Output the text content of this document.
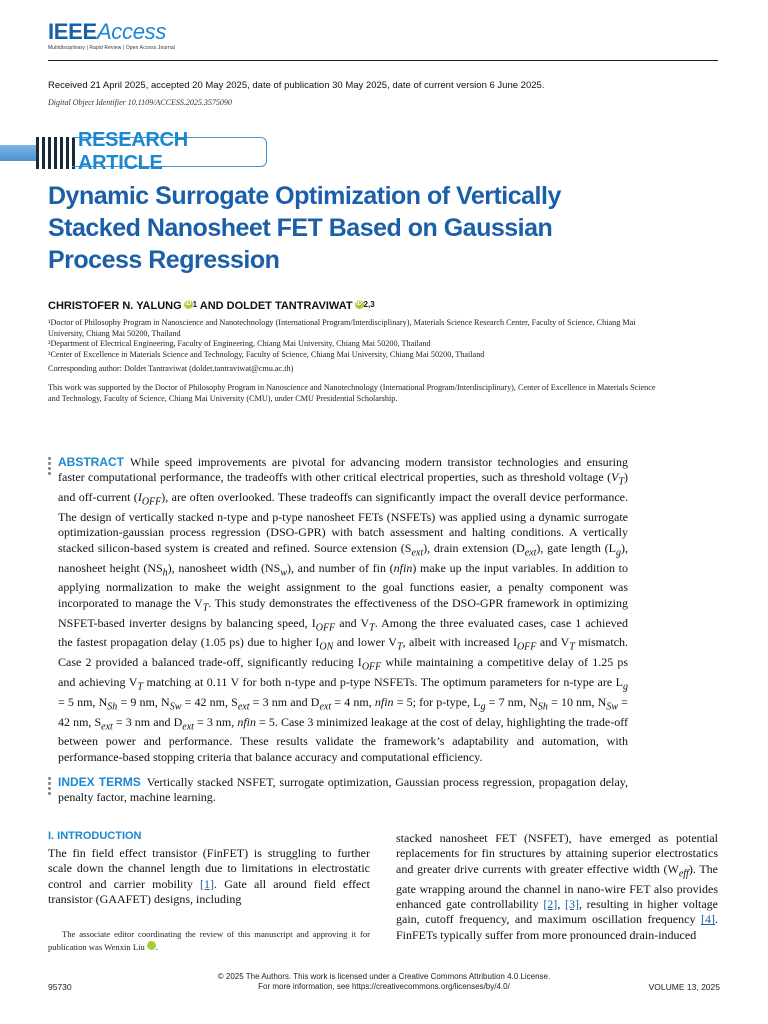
IEEEAccess
Multidisciplinary | Rapid Review | Open Access Journal
Received 21 April 2025, accepted 20 May 2025, date of publication 30 May 2025, date of current version 6 June 2025.
Digital Object Identifier 10.1109/ACCESS.2025.3575090
RESEARCH ARTICLE
Dynamic Surrogate Optimization of Vertically Stacked Nanosheet FET Based on Gaussian Process Regression
CHRISTOFER N. YALUNG iD $^1$ AND DOLDET TANTRAVIWAT iD $^{2,3}$

¹Doctor of Philosophy Program in Nanoscience and Nanotechnology (International Program/Interdisciplinary), Materials Science Research Center, Faculty of Science, Chiang Mai University, Chiang Mai 50200, Thailand

²Department of Electrical Engineering, Faculty of Engineering, Chiang Mai University, Chiang Mai 50200, Thailand

³Center of Excellence in Materials Science and Technology, Faculty of Science, Chiang Mai University, Chiang Mai 50200, Thailand

Corresponding author: Doldet Tantraviwat (doldet.tantraviwat@cmu.ac.th)
This work was supported by the Doctor of Philosophy Program in Nanoscience and Nanotechnology (International Program/Interdisciplinary), Center of Excellence in Materials Science and Technology, Faculty of Science, Chiang Mai University (CMU), under CMU Presidential Scholarship.
ABSTRACT While speed improvements are pivotal for advancing modern transistor technologies and ensuring faster computational performance, the tradeoffs with other critical electrical properties, such as threshold voltage $(V_T)$ and off-current $(I_{OFF})$, are often overlooked. These tradeoffs can significantly impact the overall device performance. The design of vertically stacked n-type and p-type nanosheet FETs (NSFETs) was applied using a dynamic surrogate optimization-gaussian process regression (DSO-GPR) with batch assessment and halting conditions. A vertically stacked silicon-based system is created and refined. Source extension $(S_{ext})$, drain extension $(D_{ext})$, gate length $(L_g)$, nanosheet height $(NS_h)$, nanosheet width $(NS_w)$, and number of fin (nfin) make up the input variables. In addition to applying normalization to make the weight assignment to the goal functions easier, a penalty component was incorporated to manage the $V_T$. This study demonstrates the effectiveness of the DSO-GPR framework in optimizing NSFET-based inverter designs by balancing speed, $I_{OFF}$ and $V_T$. Among the three evaluated cases, case 1 achieved the fastest propagation delay (1.05 ps) due to higher $I_{ON}$ and lower $V_T$, albeit with increased $I_{OFF}$ and $V_T$ mismatch. Case 2 provided a balanced trade-off, significantly reducing $I_{OFF}$ while maintaining a competitive delay of 1.25 ps and achieving $V_T$ matching at 0.11 V for both n-type and p-type NSFETs. The optimum parameters for n-type are $L_g = 5$ nm, $N_{Sh} = 9$ nm, $N_{Sw} = 42$ nm, $S_{ext} = 3$ nm and $D_{ext} = 4$ nm, nfin = 5; for p-type, $L_g = 7$ nm, $N_{Sh} = 10$ nm, $N_{Sw} = 42$ nm, $S_{ext} = 3$ nm and $D_{ext} = 3$ nm, nfin = 5. Case 3 minimized leakage at the cost of delay, highlighting the trade-off between power and performance. These results validate the framework’s adaptability and automation, with performance-based stopping criteria that balance accuracy and computational efficiency.
INDEX TERMS Vertically stacked NSFET, surrogate optimization, Gaussian process regression, propagation delay, penalty factor, machine learning.
I. INTRODUCTION
The fin field effect transistor (FinFET) is struggling to further scale down the channel length due to limitations in electrostatic control and carrier mobility [1]. Gate all around field effect transistor (GAAFET) designs, including
The associate editor coordinating the review of this manuscript and approving it for publication was Wenxin Liu	iD.
stacked nanosheet FET (NSFET), have emerged as potential replacements for fin structures by attaining superior electrostatics and greater drive currents with greater effective width $(W_{eff})$. The gate wrapping around the channel in nano-wire FET also provides enhanced gate controllability [2], [3], resulting in higher voltage gain, cutoff frequency, and maximum oscillation frequency [4]. FinFETs typically suffer from more pronounced drain-induced
© 2025 The Authors. This work is licensed under a Creative Commons Attribution 4.0 License.
For more information, see https://creativecommons.org/licenses/by/4.0/
95730	VOLUME 13, 2025
